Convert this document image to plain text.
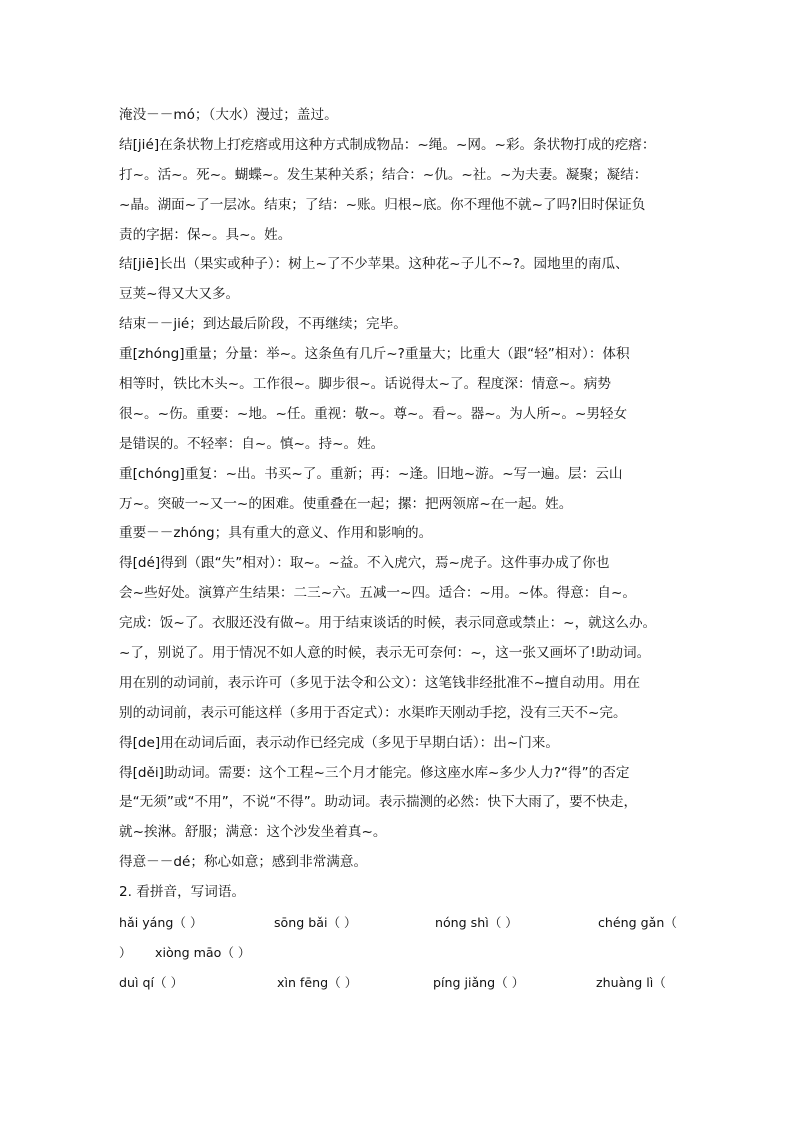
淹没－－mó；（大水）漫过；盖过。
结[jié]在条状物上打疙瘩或用这种方式制成物品：~绳。~网。~彩。条状物打成的疙瘩：
打~。活~。死~。蝴蝶~。发生某种关系；结合：~仇。~社。~为夫妻。凝聚；凝结：
~晶。湖面~了一层冰。结束；了结：~账。归根~底。你不理他不就~了吗?旧时保证负
责的字据：保~。具~。姓。
结[jiē]长出（果实或种子）：树上~了不少苹果。这种花~子儿不~?。园地里的南瓜、
豆荚~得又大又多。
结束－－jié；到达最后阶段，不再继续；完毕。
重[zhóng]重量；分量：举~。这条鱼有几斤~?重量大；比重大（跟“轻”相对）：体积
相等时，铁比木头~。工作很~。脚步很~。话说得太~了。程度深：情意~。病势
很~。~伤。重要：~地。~任。重视：敬~。尊~。看~。器~。为人所~。~男轻女
是错误的。不轻率：自~。慎~。持~。姓。
重[chóng]重复：~出。书买~了。重新；再：~逢。旧地~游。~写一遍。层：云山
万~。突破一~又一~的困难。使重叠在一起；摞：把两领席~在一起。姓。
重要－－zhóng；具有重大的意义、作用和影响的。
得[dé]得到（跟“失”相对）：取~。~益。不入虎穴，焉~虎子。这件事办成了你也
会~些好处。演算产生结果：二三~六。五减一~四。适合：~用。~体。得意：自~。
完成：饭~了。衣服还没有做~。用于结束谈话的时候，表示同意或禁止：~，就这么办。
~了，别说了。用于情况不如人意的时候，表示无可奈何：~，这一张又画坏了!助动词。
用在别的动词前，表示许可（多见于法令和公文）：这笔钱非经批准不~擅自动用。用在
别的动词前，表示可能这样（多用于否定式）：水渠昨天刚动手挖，没有三天不~完。
得[de]用在动词后面，表示动作已经完成（多见于早期白话）：出~门来。
得[děi]助动词。需要：这个工程~三个月才能完。修这座水库~多少人力?“得”的否定
是“无须”或“不用”，不说“不得”。助动词。表示揣测的必然：快下大雨了，要不快走，
就~挨淋。舒服；满意：这个沙发坐着真~。
得意－－dé；称心如意；感到非常满意。
2. 看拼音，写词语。
hǎi yáng（ ）	sōng bǎi（ ）	nóng shì（ ）	chéng gǎn（
） xiòng māo（ ）
duì qí（ ）	xìn fēng（ ）	píng jiǎng（ ）	zhuàng lì（
